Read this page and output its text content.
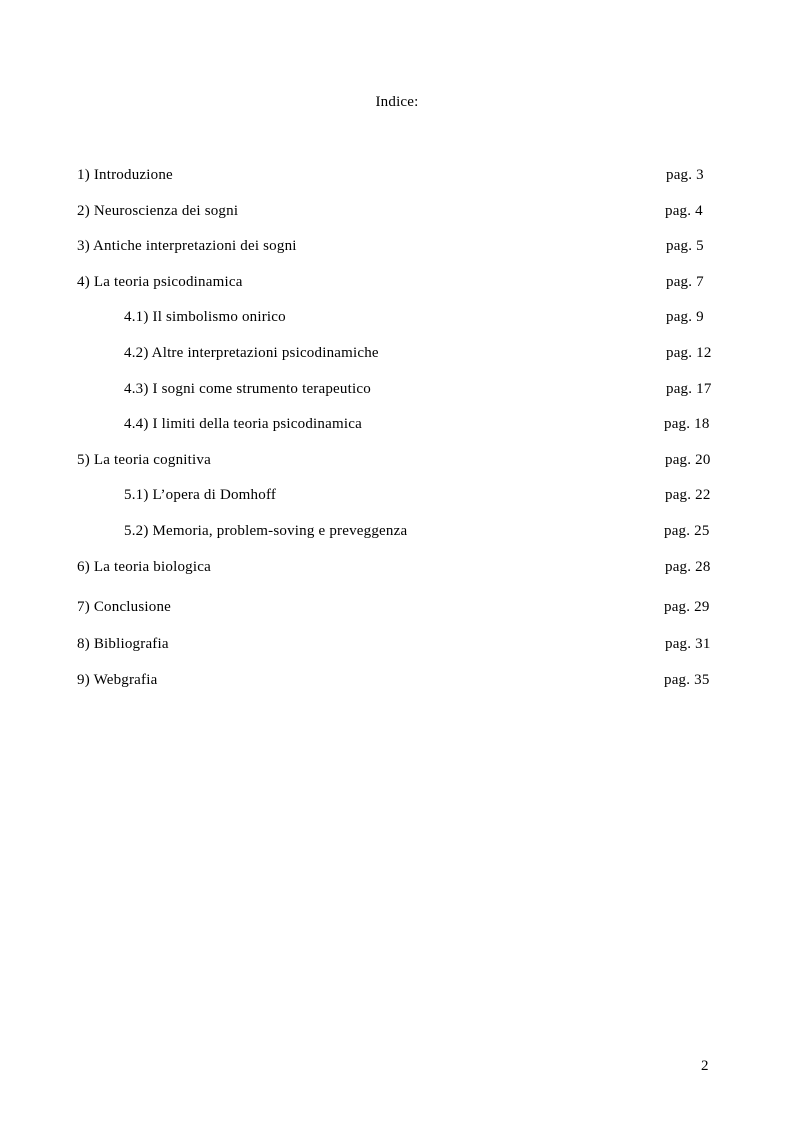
Indice:
1) Introduzione	pag. 3
2) Neuroscienza dei sogni	pag. 4
3) Antiche interpretazioni dei sogni	pag. 5
4) La teoria psicodinamica	pag. 7
4.1) Il simbolismo onirico	pag. 9
4.2) Altre interpretazioni psicodinamiche	pag. 12
4.3) I sogni come strumento terapeutico	pag. 17
4.4) I limiti della teoria psicodinamica	pag. 18
5) La teoria cognitiva	pag. 20
5.1) L’opera di Domhoff	pag. 22
5.2) Memoria, problem-soving e preveggenza	pag. 25
6) La teoria biologica	pag. 28
7) Conclusione	pag. 29
8) Bibliografia	pag. 31
9) Webgrafia	pag. 35
2
